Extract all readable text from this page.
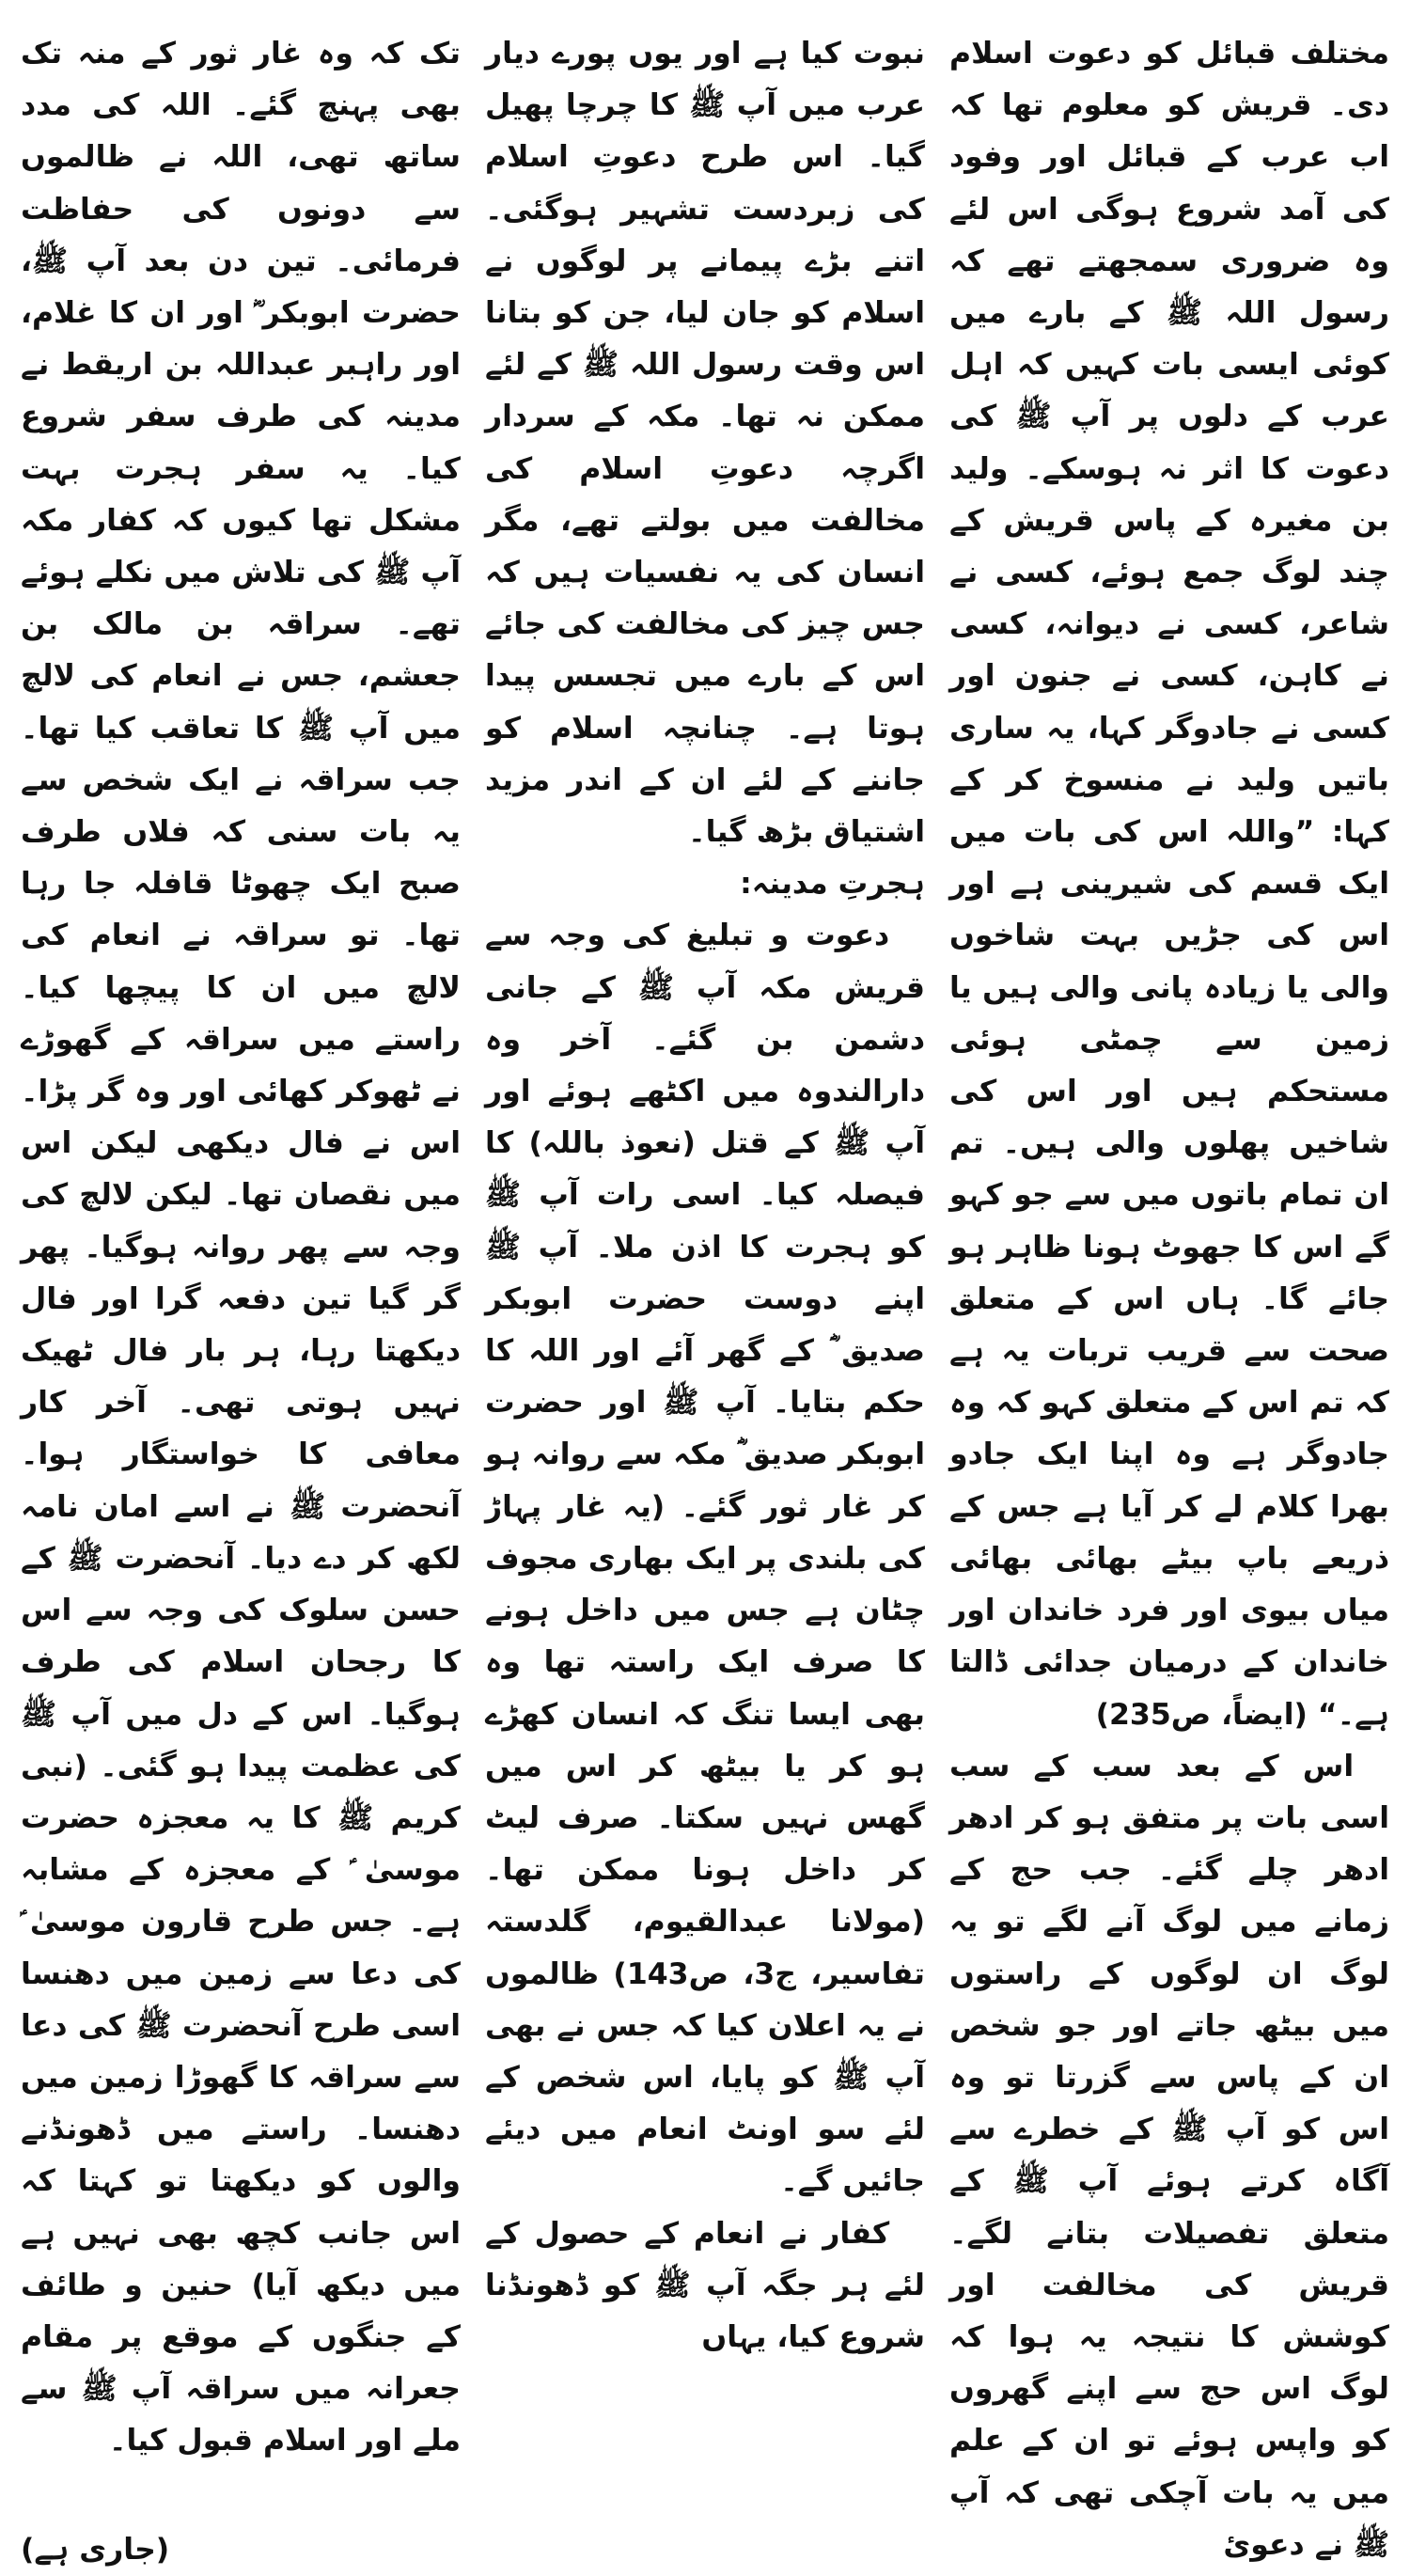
مختلف قبائل کو دعوت اسلام دی۔ قریش کو معلوم تھا کہ اب عرب کے قبائل اور وفود کی آمد شروع ہوگی اس لئے وہ ضروری سمجھتے تھے کہ رسول اللہ ﷺ کے بارے میں کوئی ایسی بات کہیں کہ اہل عرب کے دلوں پر آپ ﷺ کی دعوت کا اثر نہ ہوسکے۔ ولید بن مغیرہ کے پاس قریش کے چند لوگ جمع ہوئے، کسی نے شاعر، کسی نے دیوانہ، کسی نے کاہن، کسی نے جنون اور کسی نے جادوگر کہا، یہ ساری باتیں ولید نے منسوخ کر کے کہا: ”واللہ اس کی بات میں ایک قسم کی شیرینی ہے اور اس کی جڑیں بہت شاخوں والی یا زیادہ پانی والی ہیں یا زمین سے چمٹی ہوئی مستحکم ہیں اور اس کی شاخیں پھلوں والی ہیں۔ تم ان تمام باتوں میں سے جو کہو گے اس کا جھوٹ ہونا ظاہر ہو جائے گا۔ ہاں اس کے متعلق صحت سے قریب تربات یہ ہے کہ تم اس کے متعلق کہو کہ وہ جادوگر ہے وہ اپنا ایک جادو بھرا کلام لے کر آیا ہے جس کے ذریعے باپ بیٹے بھائی بھائی میاں بیوی اور فرد خاندان اور خاندان کے درمیان جدائی ڈالتا ہے۔“ (ایضاً، ص235)

اس کے بعد سب کے سب اسی بات پر متفق ہو کر ادھر ادھر چلے گئے۔ جب حج کے زمانے میں لوگ آنے لگے تو یہ لوگ ان لوگوں کے راستوں میں بیٹھ جاتے اور جو شخص ان کے پاس سے گزرتا تو وہ اس کو آپ ﷺ کے خطرے سے آگاہ کرتے ہوئے آپ ﷺ کے متعلق تفصیلات بتانے لگے۔ قریش کی مخالفت اور کوشش کا نتیجہ یہ ہوا کہ لوگ اس حج سے اپنے گھروں کو واپس ہوئے تو ان کے علم میں یہ بات آچکی تھی کہ آپ ﷺ نے دعوئ

نبوت کیا ہے اور یوں پورے دیار عرب میں آپ ﷺ کا چرچا پھیل گیا۔ اس طرح دعوتِ اسلام کی زبردست تشہیر ہوگئی۔ اتنے بڑے پیمانے پر لوگوں نے اسلام کو جان لیا، جن کو بتانا اس وقت رسول اللہ ﷺ کے لئے ممکن نہ تھا۔ مکہ کے سردار اگرچہ دعوتِ اسلام کی مخالفت میں بولتے تھے، مگر انسان کی یہ نفسیات ہیں کہ جس چیز کی مخالفت کی جائے اس کے بارے میں تجسس پیدا ہوتا ہے۔ چنانچہ اسلام کو جاننے کے لئے ان کے اندر مزید اشتیاق بڑھ گیا۔

ہجرتِ مدینہ:

دعوت و تبلیغ کی وجہ سے قریش مکہ آپ ﷺ کے جانی دشمن بن گئے۔ آخر وہ دارالندوہ میں اکٹھے ہوئے اور آپ ﷺ کے قتل (نعوذ باللہ) کا فیصلہ کیا۔ اسی رات آپ ﷺ کو ہجرت کا اذن ملا۔ آپ ﷺ اپنے دوست حضرت ابوبکر صدیق ؓ کے گھر آئے اور اللہ کا حکم بتایا۔ آپ ﷺ اور حضرت ابوبکر صدیق ؓ مکہ سے روانہ ہو کر غار ثور گئے۔ (یہ غار پہاڑ کی بلندی پر ایک بھاری مجوف چٹان ہے جس میں داخل ہونے کا صرف ایک راستہ تھا وہ بھی ایسا تنگ کہ انسان کھڑے ہو کر یا بیٹھ کر اس میں گھس نہیں سکتا۔ صرف لیٹ کر داخل ہونا ممکن تھا۔ (مولانا عبدالقیوم، گلدستہ تفاسیر، ج3، ص143) ظالموں نے یہ اعلان کیا کہ جس نے بھی آپ ﷺ کو پایا، اس شخص کے لئے سو اونٹ انعام میں دیئے جائیں گے۔

کفار نے انعام کے حصول کے لئے ہر جگہ آپ ﷺ کو ڈھونڈنا شروع کیا، یہاں

تک کہ وہ غار ثور کے منہ تک بھی پہنچ گئے۔ اللہ کی مدد ساتھ تھی، اللہ نے ظالموں سے دونوں کی حفاظت فرمائی۔ تین دن بعد آپ ﷺ، حضرت ابوبکر ؓ اور ان کا غلام، اور راہبر عبداللہ بن اریقط نے مدینہ کی طرف سفر شروع کیا۔ یہ سفر ہجرت بہت مشکل تھا کیوں کہ کفار مکہ آپ ﷺ کی تلاش میں نکلے ہوئے تھے۔ سراقہ بن مالک بن جعشم، جس نے انعام کی لالچ میں آپ ﷺ کا تعاقب کیا تھا۔ جب سراقہ نے ایک شخص سے یہ بات سنی کہ فلاں طرف صبح ایک چھوٹا قافلہ جا رہا تھا۔ تو سراقہ نے انعام کی لالچ میں ان کا پیچھا کیا۔ راستے میں سراقہ کے گھوڑے نے ٹھوکر کھائی اور وہ گر پڑا۔ اس نے فال دیکھی لیکن اس میں نقصان تھا۔ لیکن لالچ کی وجہ سے پھر روانہ ہوگیا۔ پھر گر گیا تین دفعہ گرا اور فال دیکھتا رہا، ہر بار فال ٹھیک نہیں ہوتی تھی۔ آخر کار معافی کا خواستگار ہوا۔ آنحضرت ﷺ نے اسے امان نامہ لکھ کر دے دیا۔ آنحضرت ﷺ کے حسن سلوک کی وجہ سے اس کا رجحان اسلام کی طرف ہوگیا۔ اس کے دل میں آپ ﷺ کی عظمت پیدا ہو گئی۔ (نبی کریم ﷺ کا یہ معجزہ حضرت موسیٰ ؑ کے معجزہ کے مشابہ ہے۔ جس طرح قارون موسیٰ ؑ کی دعا سے زمین میں دھنسا اسی طرح آنحضرت ﷺ کی دعا سے سراقہ کا گھوڑا زمین میں دھنسا۔ راستے میں ڈھونڈنے والوں کو دیکھتا تو کہتا کہ اس جانب کچھ بھی نہیں ہے میں دیکھ آیا) حنین و طائف کے جنگوں کے موقع پر مقام جعرانہ میں سراقہ آپ ﷺ سے ملے اور اسلام قبول کیا۔

(جاری ہے)
